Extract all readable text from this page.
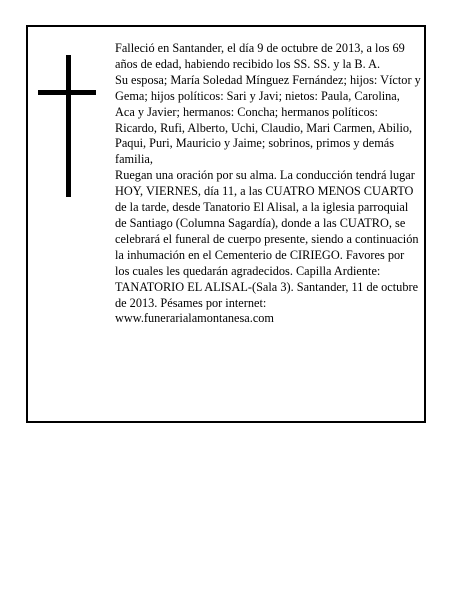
Falleció en Santander, el día 9 de octubre de 2013, a los 69 años de edad, habiendo recibido los SS. SS. y la B. A.

Su esposa; María Soledad Mínguez Fernández; hijos: Víctor y Gema; hijos políticos: Sari y Javi; nietos: Paula, Carolina, Aca y Javier; hermanos: Concha; hermanos políticos: Ricardo, Rufi, Alberto, Uchi, Claudio, Mari Carmen, Abilio, Paqui, Puri, Mauricio y Jaime; sobrinos, primos y demás familia,

Ruegan una oración por su alma. La conducción tendrá lugar HOY, VIERNES, día 11, a las CUATRO MENOS CUARTO de la tarde, desde Tanatorio El Alisal, a la iglesia parroquial de Santiago (Columna Sagardía), donde a las CUATRO, se celebrará el funeral de cuerpo presente, siendo a continuación la inhumación en el Cementerio de CIRIEGO. Favores por los cuales les quedarán agradecidos. Capilla Ardiente: TANATORIO EL ALISAL-(Sala 3). Santander, 11 de octubre de 2013. Pésames por internet: www.funerarialamontanesa.com
